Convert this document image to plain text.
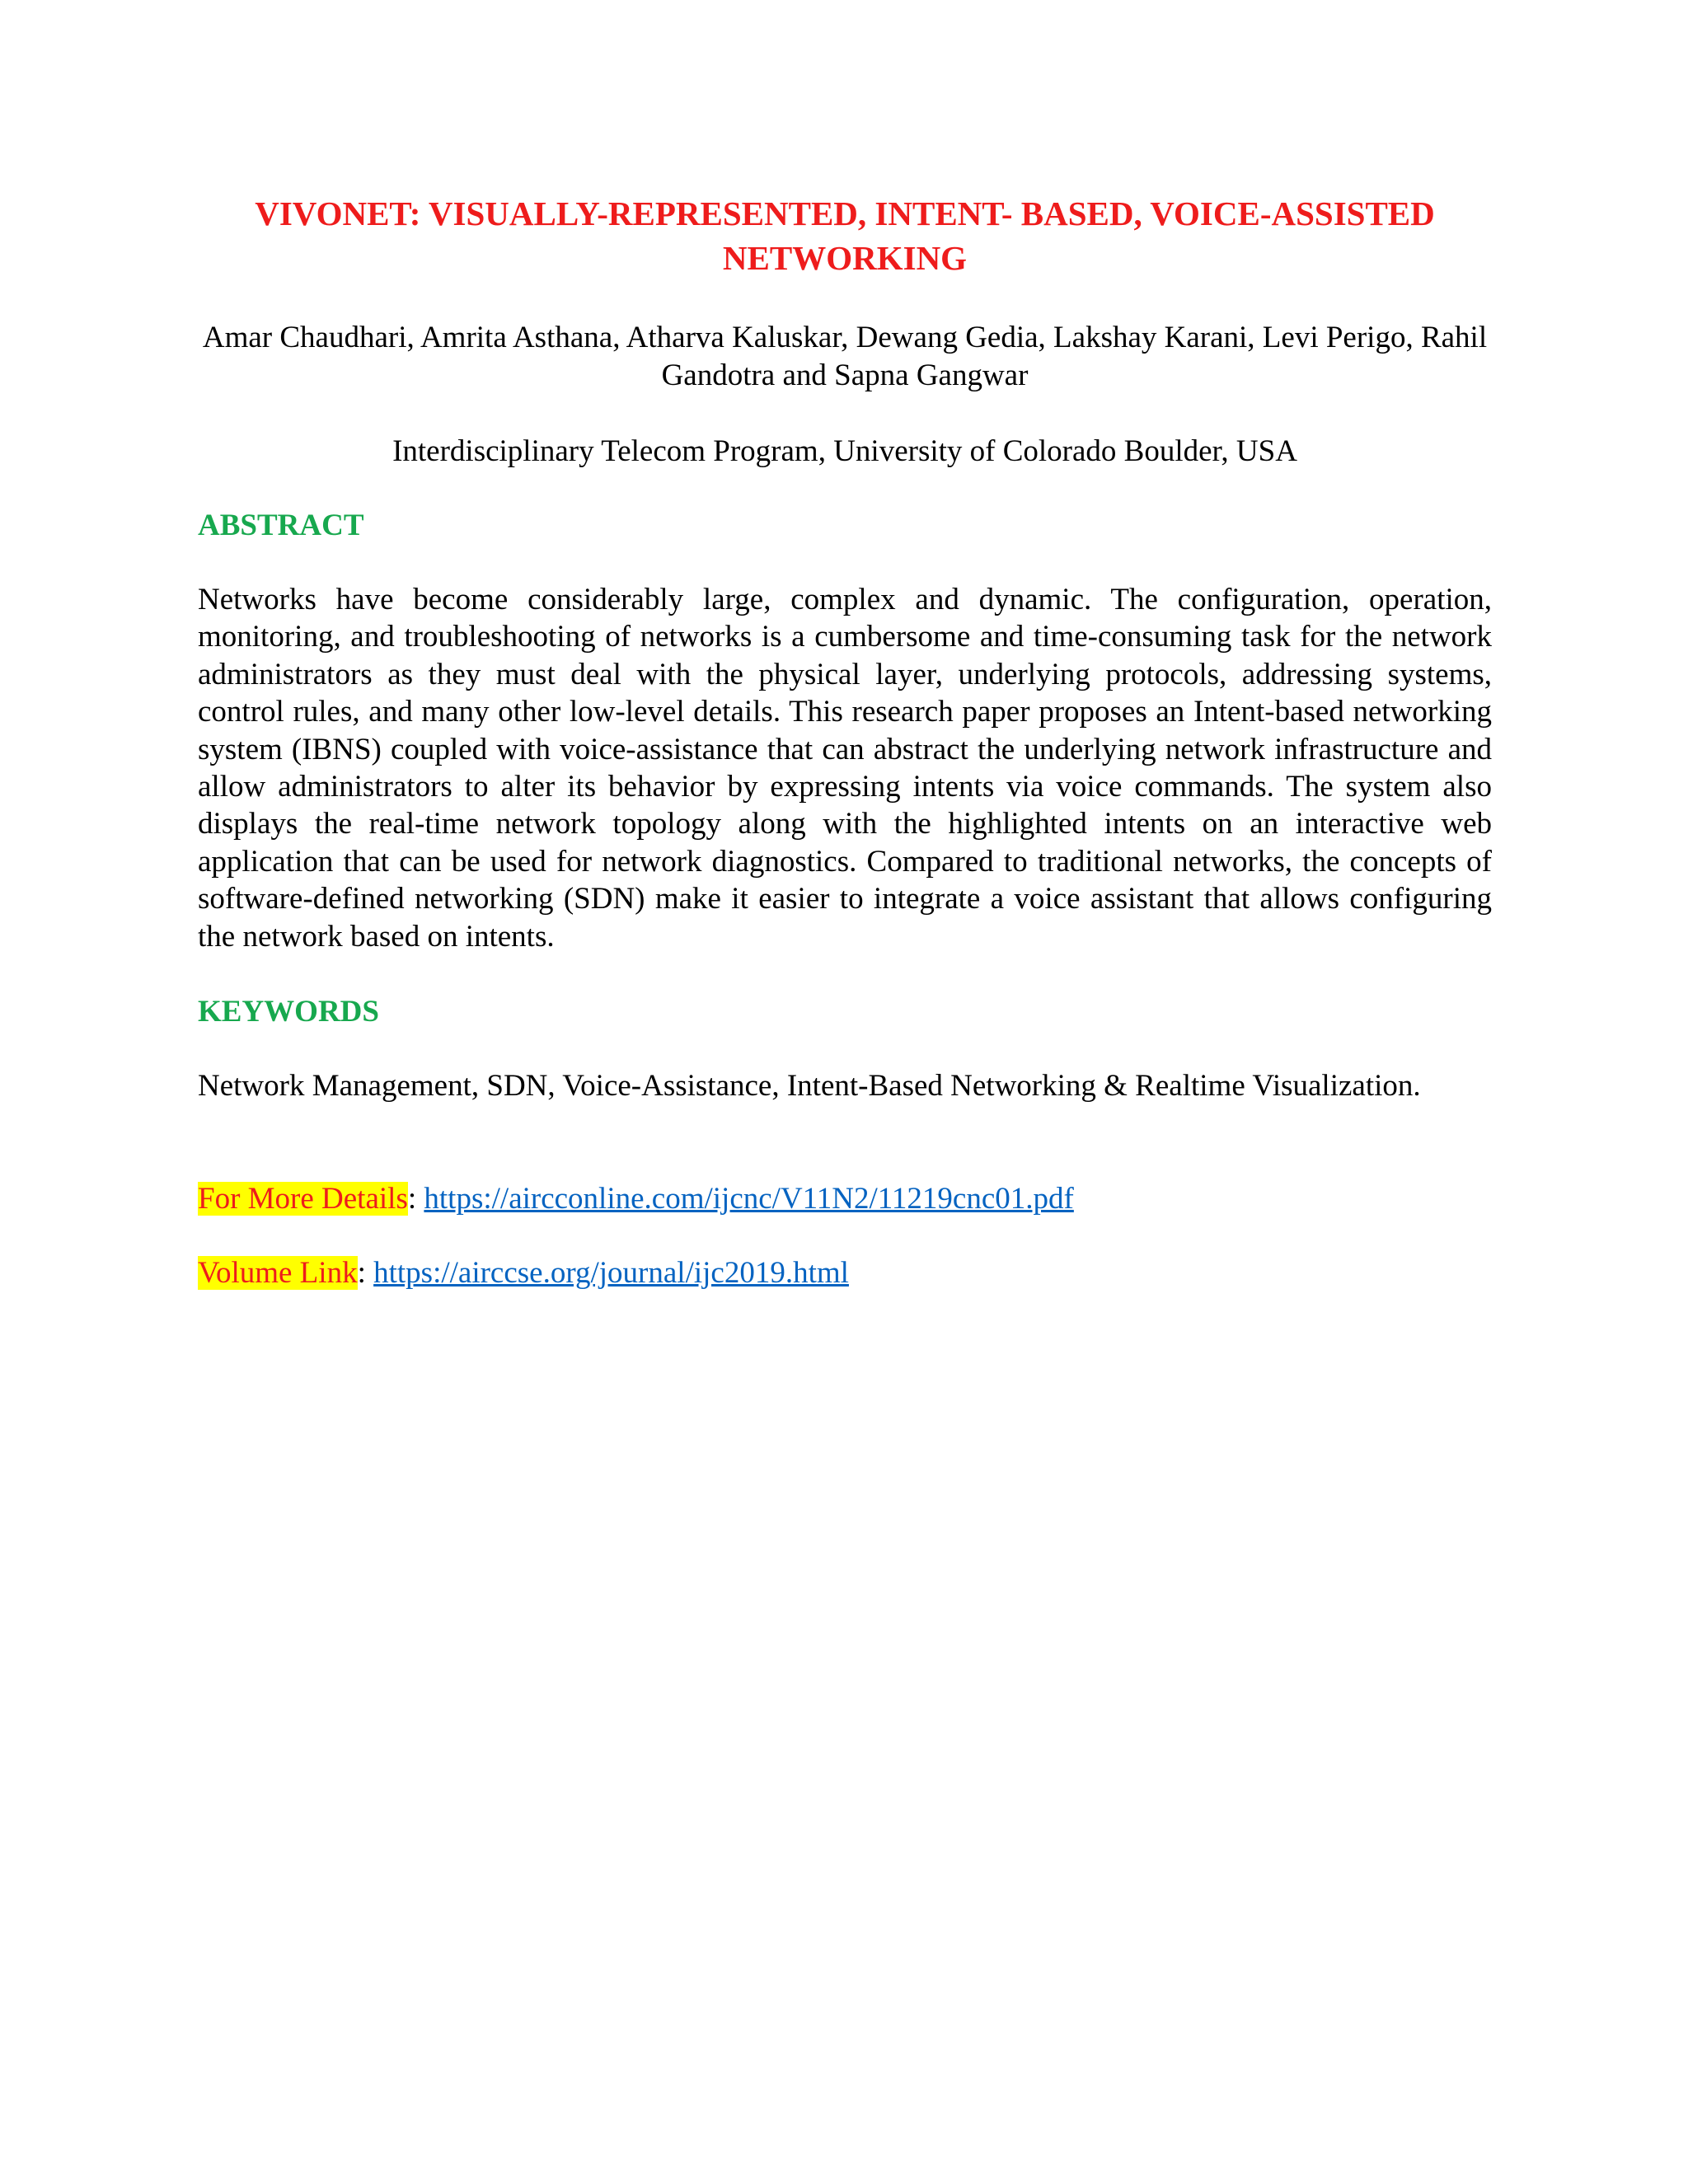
VIVONET: VISUALLY-REPRESENTED, INTENT- BASED, VOICE-ASSISTED NETWORKING

Amar Chaudhari, Amrita Asthana, Atharva Kaluskar, Dewang Gedia, Lakshay Karani, Levi Perigo, Rahil Gandotra and Sapna Gangwar

Interdisciplinary Telecom Program, University of Colorado Boulder, USA

ABSTRACT

Networks have become considerably large, complex and dynamic. The configuration, operation, monitoring, and troubleshooting of networks is a cumbersome and time-consuming task for the network administrators as they must deal with the physical layer, underlying protocols, addressing systems, control rules, and many other low-level details. This research paper proposes an Intent-based networking system (IBNS) coupled with voice-assistance that can abstract the underlying network infrastructure and allow administrators to alter its behavior by expressing intents via voice commands. The system also displays the real-time network topology along with the highlighted intents on an interactive web application that can be used for network diagnostics. Compared to traditional networks, the concepts of software-defined networking (SDN) make it easier to integrate a voice assistant that allows configuring the network based on intents.

KEYWORDS

Network Management, SDN, Voice-Assistance, Intent-Based Networking & Realtime Visualization.

For More Details: https://aircconline.com/ijcnc/V11N2/11219cnc01.pdf

Volume Link: https://airccse.org/journal/ijc2019.html
